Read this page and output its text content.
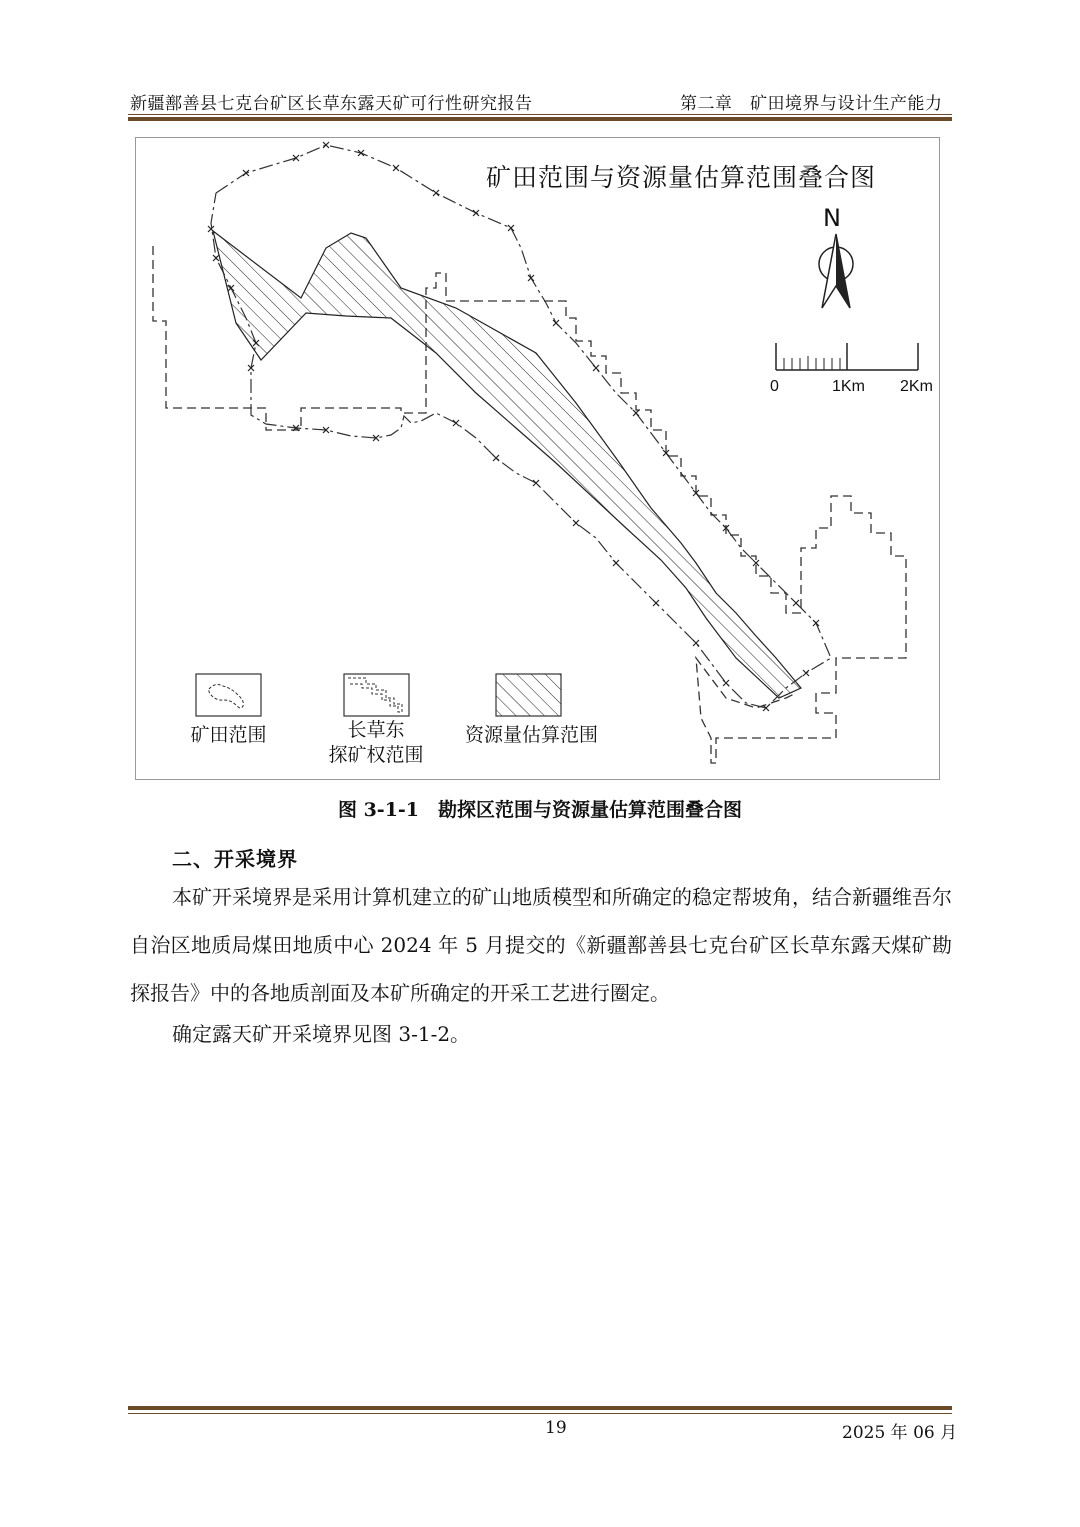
新疆鄯善县七克台矿区长草东露天矿可行性研究报告	第二章　矿田境界与设计生产能力
矿田范围与资源量估算范围叠合图
N
0	1Km 2Km
矿田范围	长草东
探矿权范围
资源量估算范围
图 3-1-1　勘探区范围与资源量估算范围叠合图
二、开采境界

本矿开采境界是采用计算机建立的矿山地质模型和所确定的稳定帮坡角，结合新疆维吾尔自治区地质局煤田地质中心 2024 年 5 月提交的《新疆鄯善县七克台矿区长草东露天煤矿勘探报告》中的各地质剖面及本矿所确定的开采工艺进行圈定。

确定露天矿开采境界见图 3-1-2。

19	2025 年 06 月
